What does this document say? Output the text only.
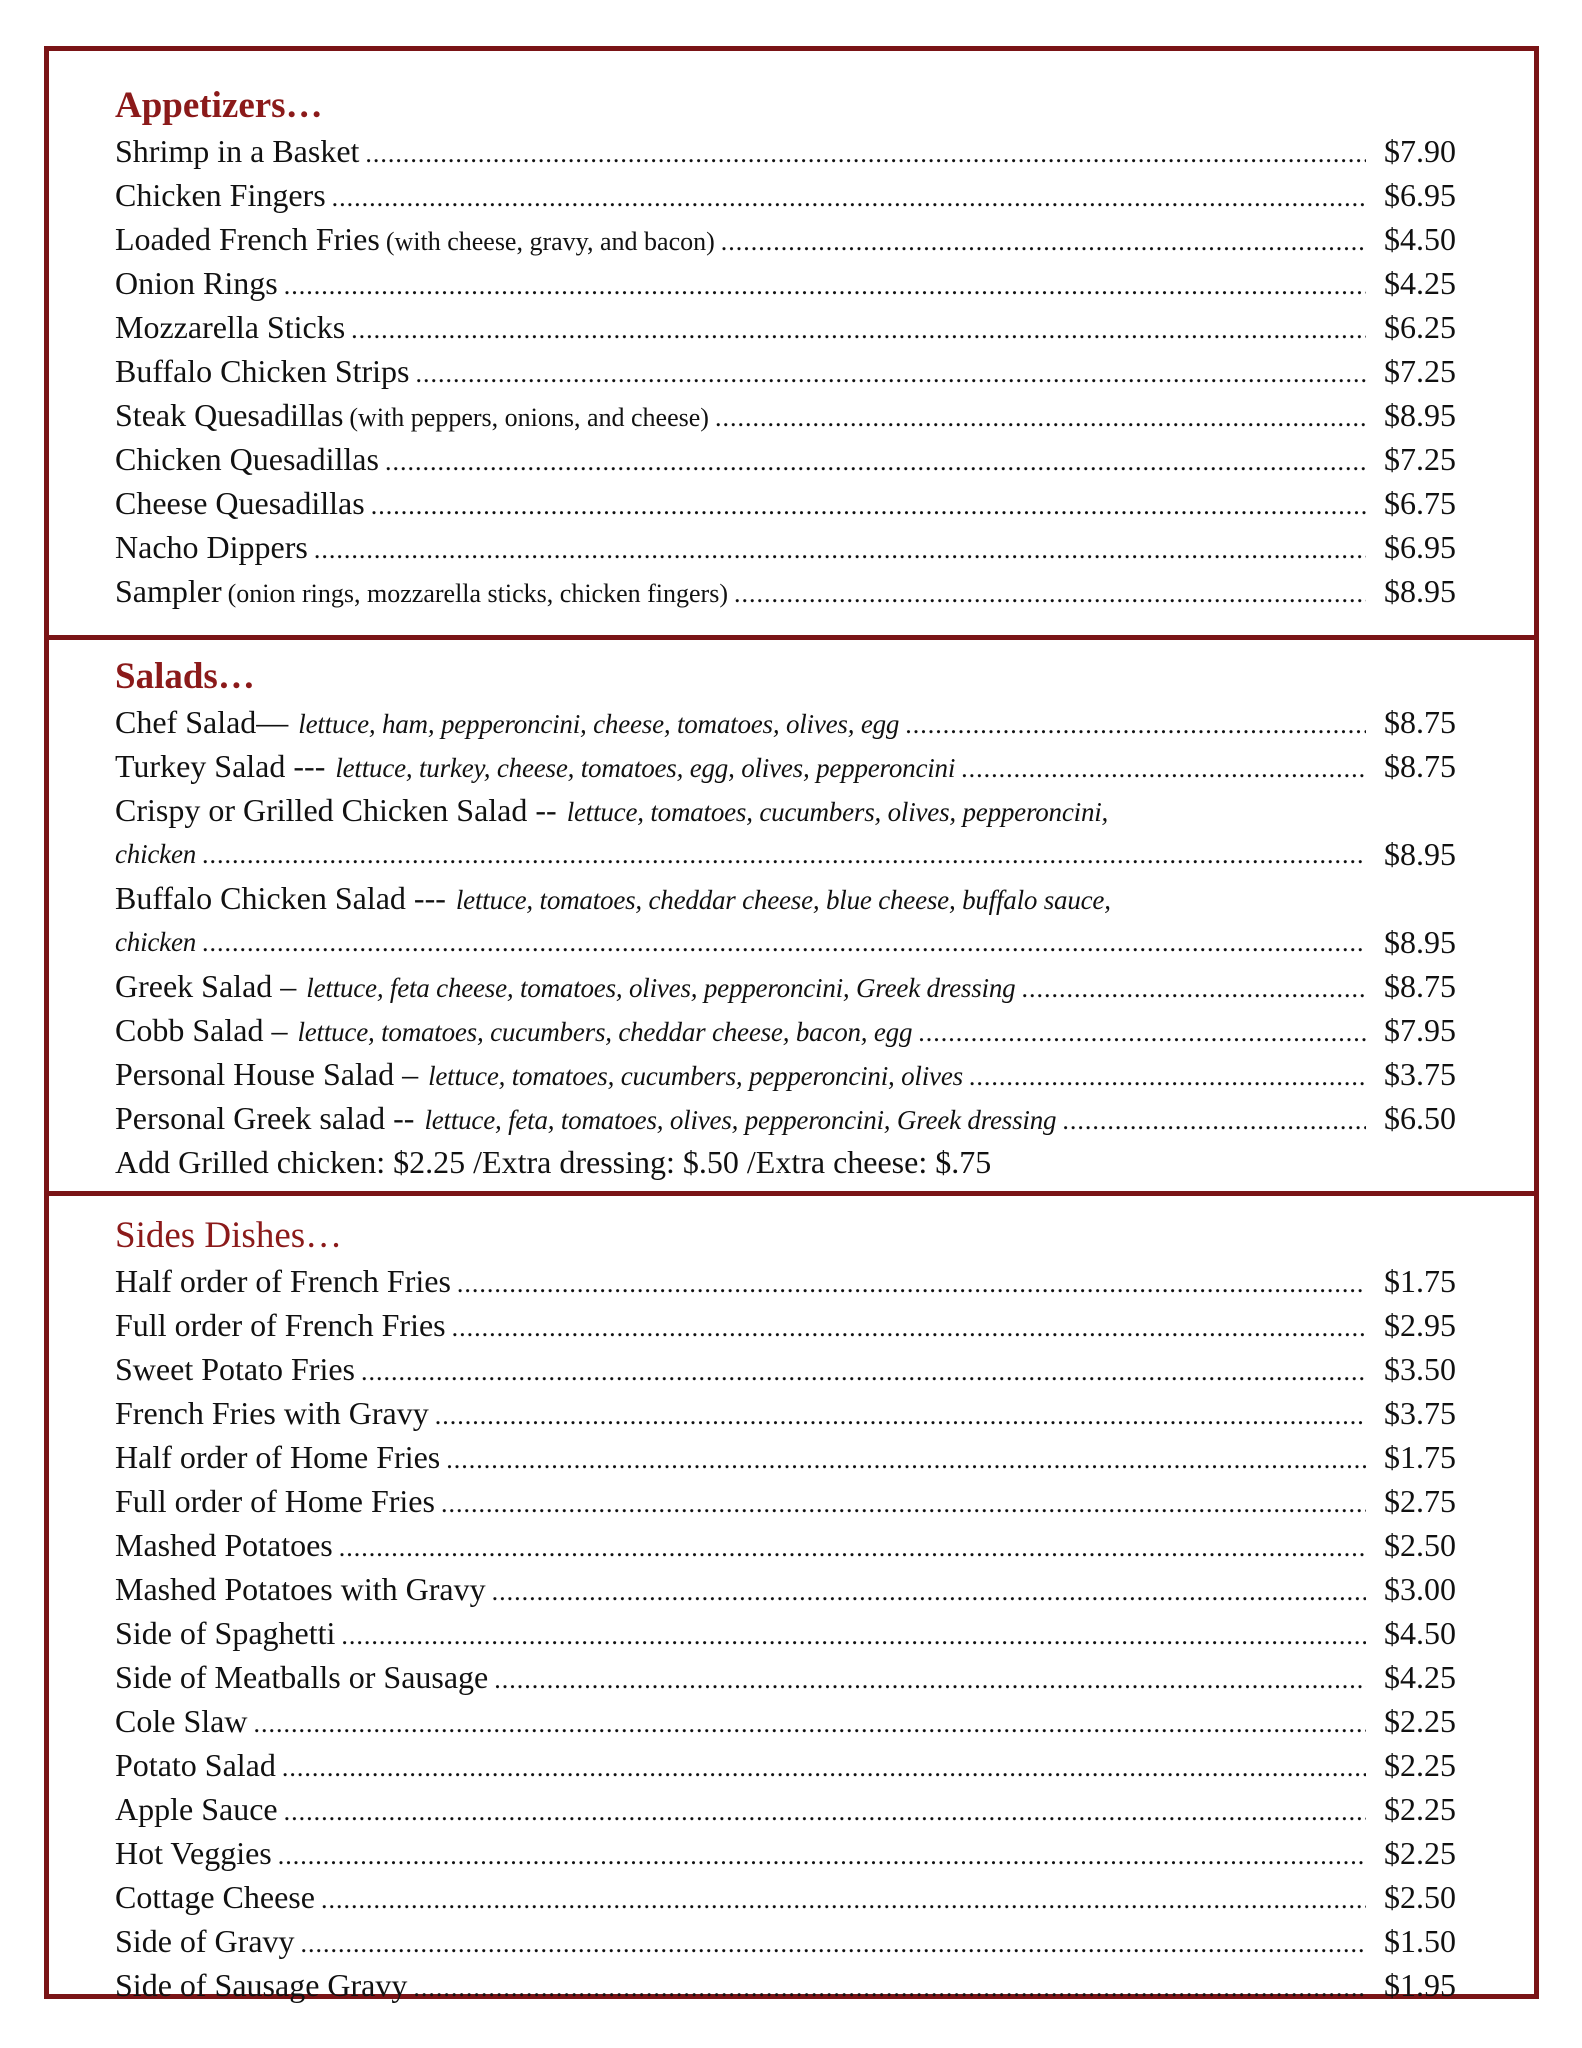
Appetizers…
Shrimp in a Basket .....	$7.90
Chicken Fingers .....	$6.95
Loaded French Fries (with cheese, gravy, and bacon) .....	$4.50
Onion Rings .....	$4.25
Mozzarella Sticks .....	$6.25
Buffalo Chicken Strips .....	$7.25
Steak Quesadillas (with peppers, onions, and cheese) .....	$8.95
Chicken Quesadillas .....	$7.25
Cheese Quesadillas .....	$6.75
Nacho Dippers .....	$6.95
Sampler (onion rings, mozzarella sticks, chicken fingers) .....	$8.95
Salads…
Chef Salad— lettuce, ham, pepperoncini, cheese, tomatoes, olives, egg .....	$8.75
Turkey Salad --- lettuce, turkey, cheese, tomatoes, egg, olives, pepperoncini .....	$8.75
Crispy or Grilled Chicken Salad -- lettuce, tomatoes, cucumbers, olives, pepperoncini,
chicken .....	$8.95
Buffalo Chicken Salad --- lettuce, tomatoes, cheddar cheese, blue cheese, buffalo sauce,
chicken .....	$8.95
Greek Salad – lettuce, feta cheese, tomatoes, olives, pepperoncini, Greek dressing .....	$8.75
Cobb Salad – lettuce, tomatoes, cucumbers, cheddar cheese, bacon, egg .....	$7.95
Personal House Salad – lettuce, tomatoes, cucumbers, pepperoncini, olives .....	$3.75
Personal Greek salad -- lettuce, feta, tomatoes, olives, pepperoncini, Greek dressing .....	$6.50
Add Grilled chicken: $2.25 /Extra dressing: $.50 /Extra cheese: $.75
Sides Dishes…
Half order of French Fries .....	$1.75
Full order of French Fries .....	$2.95
Sweet Potato Fries .....	$3.50
French Fries with Gravy .....	$3.75
Half order of Home Fries .....	$1.75
Full order of Home Fries .....	$2.75
Mashed Potatoes .....	$2.50
Mashed Potatoes with Gravy .....	$3.00
Side of Spaghetti .....	$4.50
Side of Meatballs or Sausage .....	$4.25
Cole Slaw .....	$2.25
Potato Salad .....	$2.25
Apple Sauce .....	$2.25
Hot Veggies .....	$2.25
Cottage Cheese .....	$2.50
Side of Gravy .....	$1.50
Side of Sausage Gravy .....	$1.95
